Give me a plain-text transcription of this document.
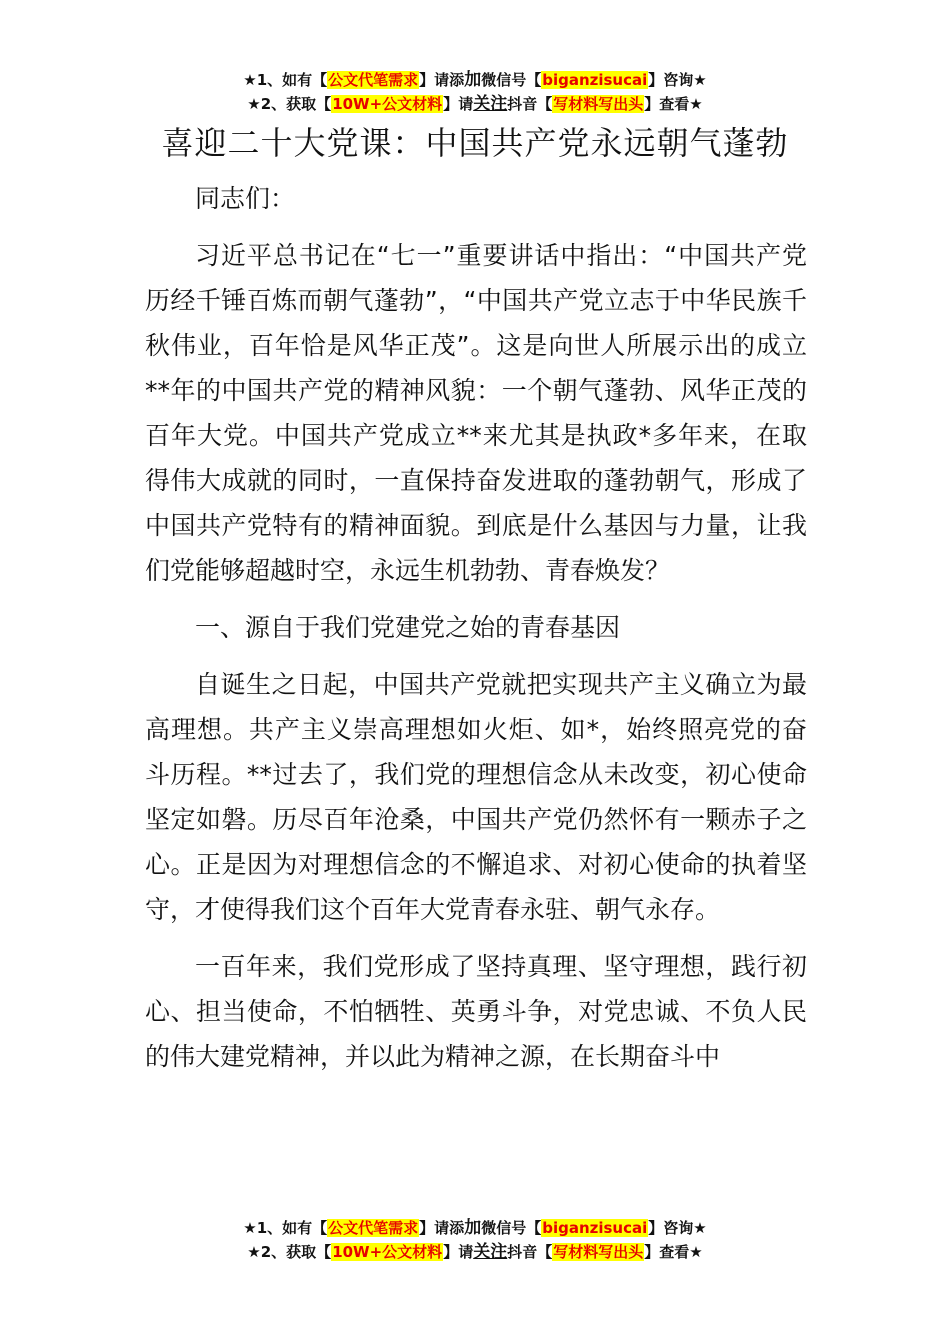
★1、如有【公文代笔需求】请添加微信号【biganzisucai】咨询★
★2、获取【10W+公文材料】请关注抖音【写材料写出头】查看★
喜迎二十大党课：中国共产党永远朝气蓬勃

同志们：

习近平总书记在“七一”重要讲话中指出：“中国共产党历经千锤百炼而朝气蓬勃”，“中国共产党立志于中华民族千秋伟业，百年恰是风华正茂”。这是向世人所展示出的成立**年的中国共产党的精神风貌：一个朝气蓬勃、风华正茂的百年大党。中国共产党成立**来尤其是执政*多年来，在取得伟大成就的同时，一直保持奋发进取的蓬勃朝气，形成了中国共产党特有的精神面貌。到底是什么基因与力量，让我们党能够超越时空，永远生机勃勃、青春焕发？

一、源自于我们党建党之始的青春基因

自诞生之日起，中国共产党就把实现共产主义确立为最高理想。共产主义崇高理想如火炬、如*，始终照亮党的奋斗历程。**过去了，我们党的理想信念从未改变，初心使命坚定如磐。历尽百年沧桑，中国共产党仍然怀有一颗赤子之心。正是因为对理想信念的不懈追求、对初心使命的执着坚守，才使得我们这个百年大党青春永驻、朝气永存。

一百年来，我们党形成了坚持真理、坚守理想，践行初心、担当使命，不怕牺牲、英勇斗争，对党忠诚、不负人民的伟大建党精神，并以此为精神之源，在长期奋斗中

★1、如有【公文代笔需求】请添加微信号【biganzisucai】咨询★
★2、获取【10W+公文材料】请关注抖音【写材料写出头】查看★
